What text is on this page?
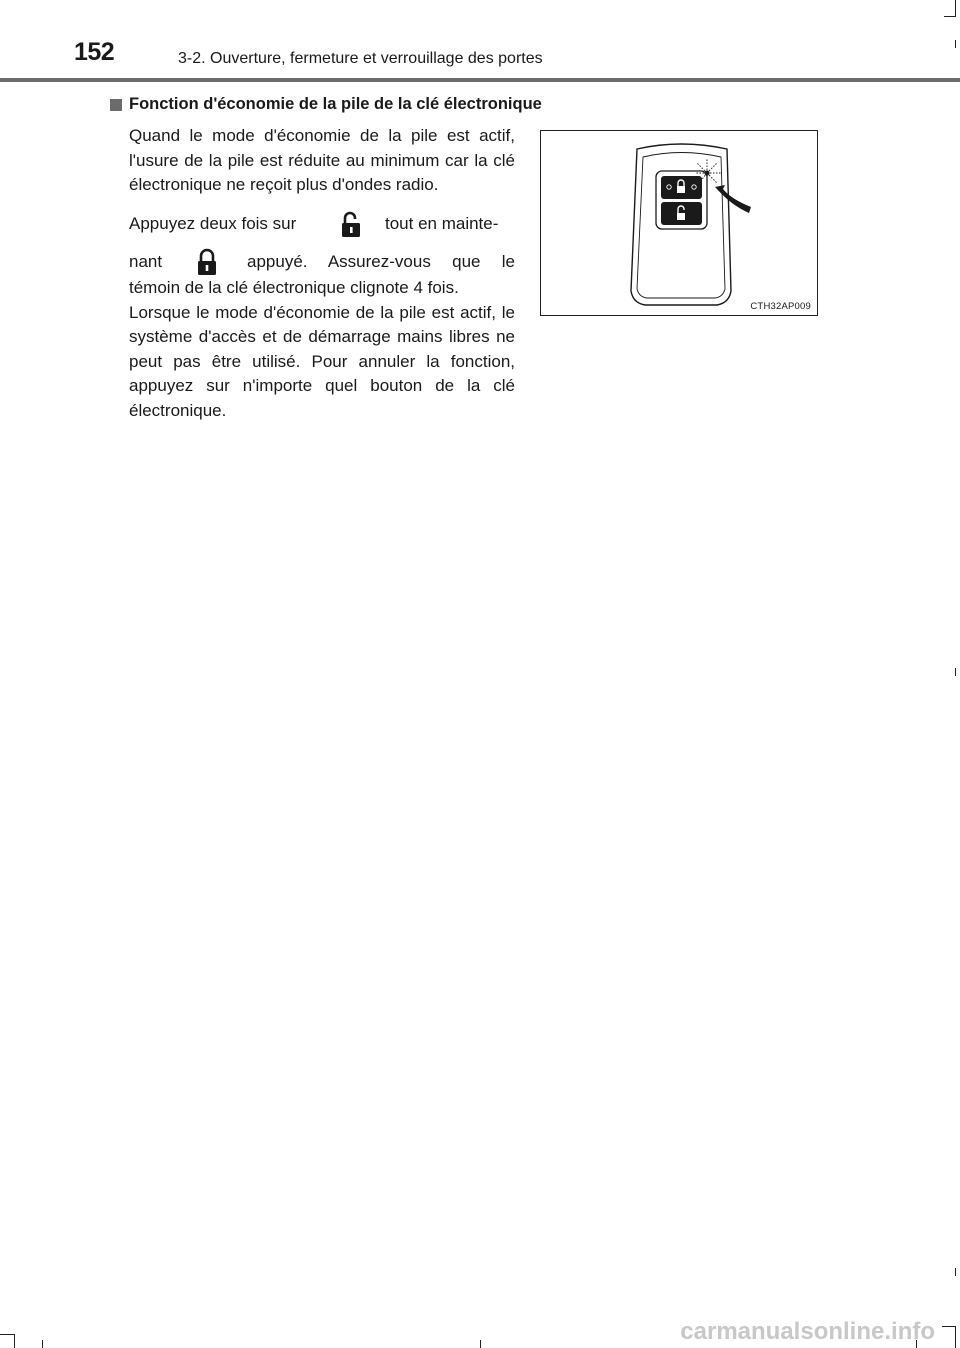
152	3-2. Ouverture, fermeture et verrouillage des portes
Fonction d'économie de la pile de la clé électronique
Quand le mode d'économie de la pile est actif, l'usure de la pile est réduite au minimum car la clé électronique ne reçoit plus d'ondes radio.
Appuyez deux fois sur	tout en mainte-
nant	appuyé. Assurez-vous que le
témoin de la clé électronique clignote 4 fois.
Lorsque le mode d'économie de la pile est actif, le système d'accès et de démarrage mains libres ne peut pas être utilisé. Pour annuler la fonction, appuyez sur n'importe quel bouton de la clé électronique.
CTH32AP009
carmanualsonline.info
